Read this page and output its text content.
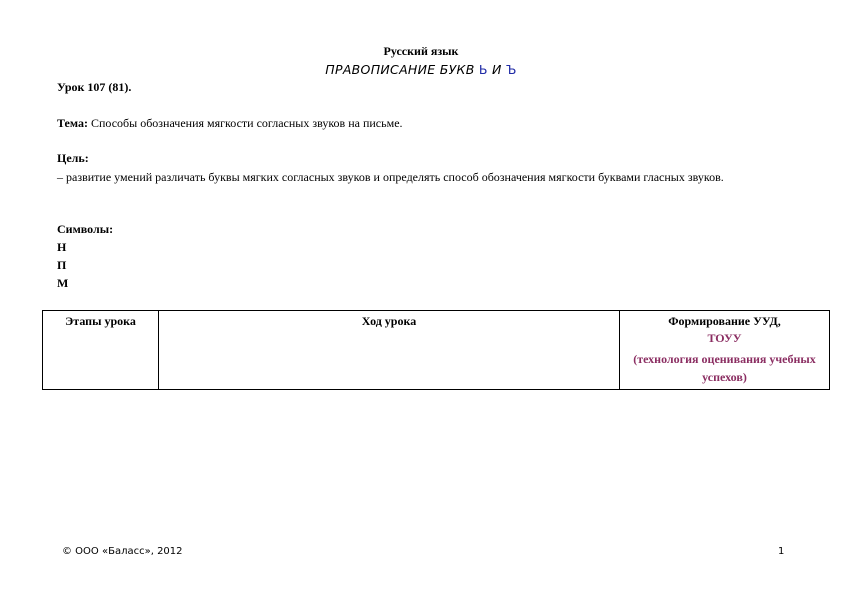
Русский язык
ПРАВОПИСАНИЕ БУКВ Ь И Ъ
Урок 107 (81).
Тема: Способы обозначения мягкости согласных звуков на письме.
Цель:
– развитие умений различать буквы мягких согласных звуков и определять способ обозначения мягкости буквами гласных звуков.
Символы:
Н
П
М
Этапы урока	Ход урока	Формирование УУД,
ТОУУ
(технология оценивания учебных успехов)
© ООО «Баласс», 2012	1
